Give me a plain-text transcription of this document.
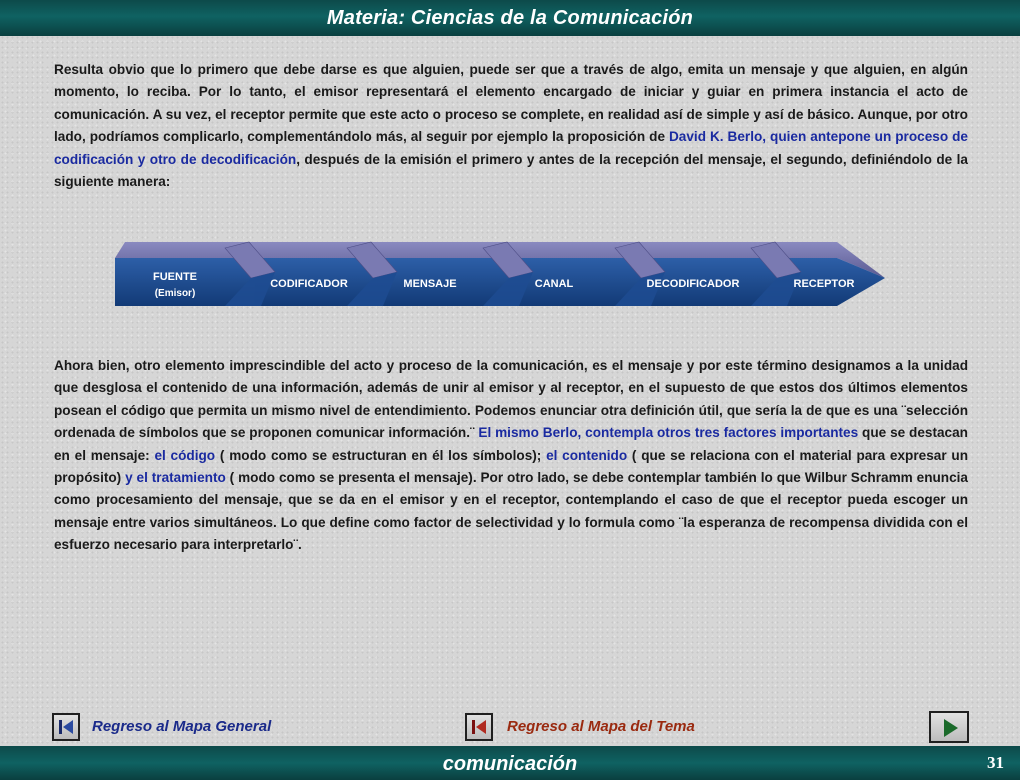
Materia: Ciencias de la Comunicación

Resulta obvio que lo primero que debe darse es que alguien, puede ser que a través de algo, emita un mensaje y que alguien, en algún momento, lo reciba. Por lo tanto, el emisor representará el elemento encargado de iniciar y guiar en primera instancia el acto de comunicación. A su vez, el receptor permite que este acto o proceso se complete, en realidad así de simple y así de básico. Aunque, por otro lado, podríamos complicarlo, complementándolo más, al seguir por ejemplo la proposición de David K. Berlo, quien antepone un proceso de codificación y otro de decodificación, después de la emisión el primero y antes de la recepción del mensaje, el segundo, definiéndolo de la siguiente manera:

FUENTE
(Emisor)
CODIFICADOR	MENSAJE	CANAL	DECODIFICADOR	RECEPTOR

Ahora bien, otro elemento imprescindible del acto y proceso de la comunicación, es el mensaje y por este término designamos a la unidad que desglosa el contenido de una información, además de unir al emisor y al receptor, en el supuesto de que estos dos últimos elementos posean el código que permita un mismo nivel de entendimiento. Podemos enunciar otra definición útil, que sería la de que es una ¨selección ordenada de símbolos que se proponen comunicar información.¨ El mismo Berlo, contempla otros tres factores importantes que se destacan en el mensaje: el código ( modo como se estructuran en él los símbolos); el contenido ( que se relaciona con el material para expresar un propósito) y el tratamiento ( modo como se presenta el mensaje). Por otro lado, se debe contemplar también lo que Wilbur Schramm enuncia como procesamiento del mensaje, que se da en el emisor y en el receptor, contemplando el caso de que el receptor pueda escoger un mensaje entre varios simultáneos. Lo que define como factor de selectividad y lo formula como ¨la esperanza de recompensa dividida con el esfuerzo necesario para interpretarlo¨.

Regreso al Mapa General	Regreso al Mapa del Tema
comunicación	31
